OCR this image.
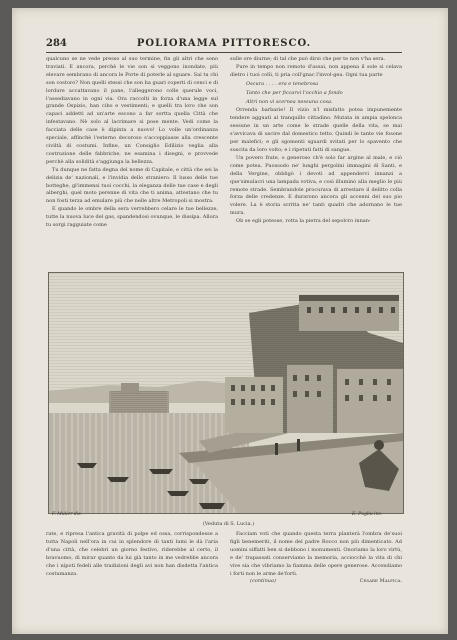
284	POLIORAMA PITTORESCO.

qualcuno se ne vede presso al suo termine, fin gli altri che sono traviati. E ancora, perchè le vie son si veggono inondate, più elevare sembrano di ancora le Porte di poterle al sguare. Sai tu chi son costoro? Non quelli stessi che son ha guari coperti di cenci e di lordure accattavano il pane, l'alleggerono colle querule voci, l'assediavano in ogni via. Ora raccolti in forza d'una legge sul grande Ospizio, han cibo e vestimenti; e quelli tra loro che son capaci addetti ad un'arte escono a far sortta quella Città che infestavano. Nè solo al lacrimare si pose mente. Vedi come la facciata delle case è dipinta a nuovo! Lo volle un'ordinanza speciale, affinchè l'esterno decoroso s'accoppiasse alla crescente civiltà di costumi. Infine, un Consiglio Edilizio veglia alla costruzione delle fabbriche, ne esamina i disegni, e provvede perchè alla solidità s'aggiunga la bellezza.

Tu dunque ne fatta degna del nome di Capitale, e città che sei la delizia de' nazionali, e l'invidia dello straniero. Il lusso delle tue botteghe, gl'immensi tuoi cocchi, la eleganza delle tue case e degli alberghi, quel moto perenne di vita che ti anima, attestano che tu non fosti terza ad emulare più che nelle altre Metropoli si mostra.

E quando le ombre della sera verrebbero celare le tue bellezze, tutte la nuova luce del gas, spandendosi ovunque, le dissipa. Allora tu sorgi ragguiate come

sulle ore diurne; di tal che può dirsi che per te non v'ha sera.

Pure in tempo non remoto d'assai, non appena il sole si celava dietro i tuoi colli, ti pria coll'gnac l'invol-gea. Ogni tua parte

Oscura . . . . era e tenebrosa
Tanto che per ficcarvi l'occhio a fondo
Altri non vi scernea nessuna cosa.

Orrenda barbarie! Il vizio n'l misfatto potea impunemente tendere agguati al tranquillo cittadino. Mutata in ampia spelonca sessune in un arte come le strade quelle della vita, se mai s'avvicava di uscire dal domestico tetto. Quindi le tante vie fosone per malefici; e gli sgomenti sguardi svitati per lo spavento che suscita da loro volto; e i ripetuti fatti di sangue.

Un povero frate, o generoso ch'è solo far argine al male, e ciò come potea. Puossodo ne' lunghi pergolini immagini di Santi, e della Vergine, obbligò i devoti ad appendervi innanzi a que'simulacri una lampada votiva, e così illuminò alla meglio le più remote strade. Sembrandole procurava di arrestare il delitto colla forza delle credenze. E durarono ancora gli accenni del suo pio volere. La è storia scritta ne' tanti quadri che adornano le tue mura.

Ob se egli potesse, rotta la pietra del sepolcro innan-

F. Mulier dis.	E. Pugliu inc.
(Veduta di S. Lucia.)

rate, e ripresa l'antica gravità di polpe ed ossa, corrispondesse a tutta Napoli nell'ora in cui in splendore di tanti lumi le dà l'aria d'una città, che celebri un giorno festivo, riderebbe al certo, il bravuomo, di mirar quanto da lui già tanto in me vedrebbe ancora che i nipoti fedeli alle tradizioni degli avi non han disdetta l'antica costumanza.

Facciam voti che quando questa terra planterà l'ombra de'suoi figli benemeriti, il nome del padre Rocco non più dimenticato. Ad uomini siffatti ben si debbono i monumenti. Onoriamo la loro virtù, e de' trapassati conserviamo la memoria, acciocchè la vita di chi vive sia che vibriamo la fiamma delle opere generose. Accendiamo i forti non le arme de'forti.

(continua)	Cesare Malpica.
